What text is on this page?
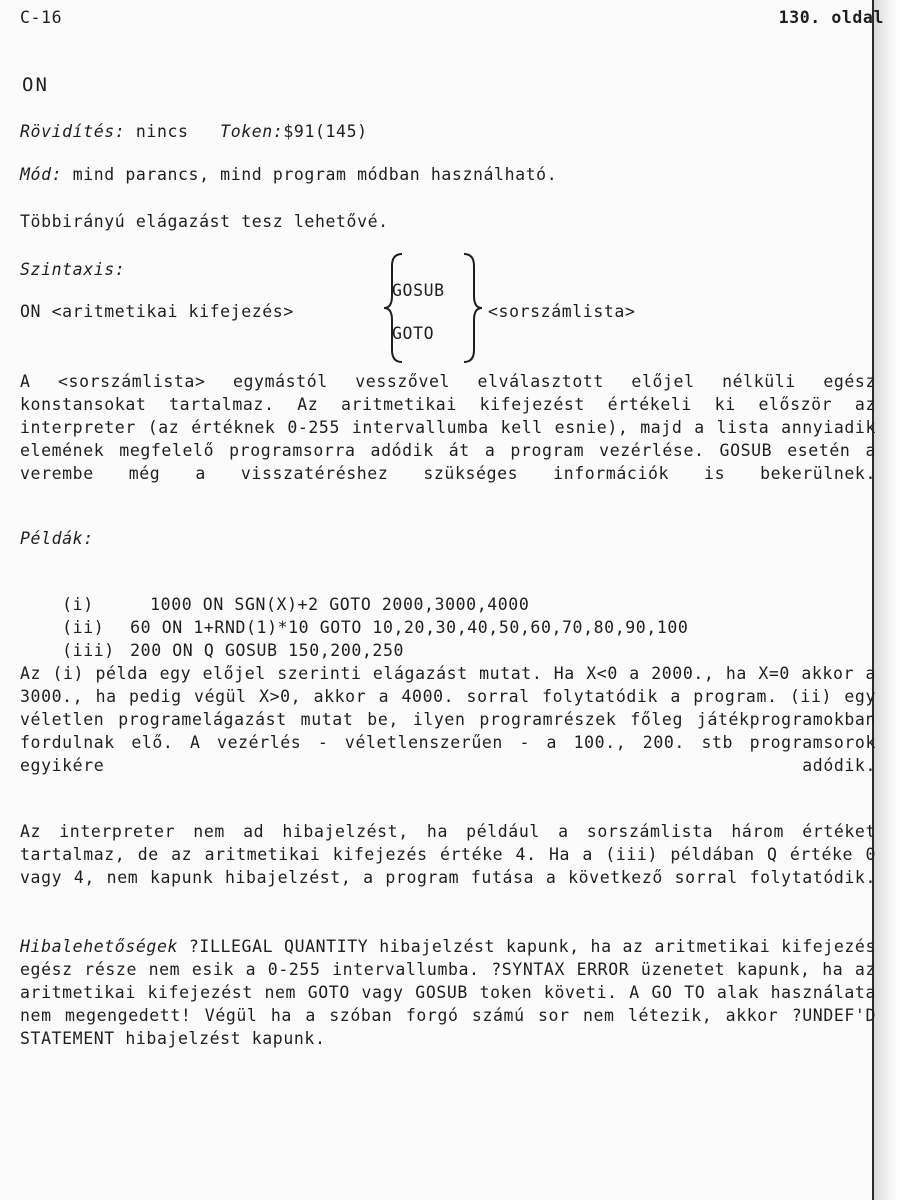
C-16	130. oldal
ON
Rövidítés: nincs Token:$91(145)
Mód: mind parancs, mind program módban használható.
Többirányú elágazást tesz lehetővé.
Szintaxis:
ON <aritmetikai kifejezés>
GOSUB
GOTO
<sorszámlista>

A <sorszámlista> egymástól vesszővel elválasztott előjel nélküli egész konstansokat tartalmaz. Az aritmetikai kifejezést értékeli ki először az interpreter (az értéknek 0-255 intervallumba kell esnie), majd a lista annyiadik elemének megfelelő programsorra adódik át a program vezérlése. GOSUB esetén a verembe még a visszatéréshez szükséges információk is bekerülnek.

Példák:

(i)	1000 ON SGN(X)+2 GOTO 2000,3000,4000

(ii) 60 ON 1+RND(1)*10 GOTO 10,20,30,40,50,60,70,80,90,100

(iii) 200 ON Q GOSUB 150,200,250

Az (i) példa egy előjel szerinti elágazást mutat. Ha X<0 a 2000., ha X=0 akkor a 3000., ha pedig végül X>0, akkor a 4000. sorral folytatódik a program. (ii) egy véletlen programelágazást mutat be, ilyen programrészek főleg játékprogramokban fordulnak elő. A vezérlés - véletlenszerűen - a 100., 200. stb programsorok egyikére adódik.

Az interpreter nem ad hibajelzést, ha például a sorszámlista három értéket tartalmaz, de az aritmetikai kifejezés értéke 4. Ha a (iii) példában Q értéke 0 vagy 4, nem kapunk hibajelzést, a program futása a következő sorral folytatódik.

Hibalehetőségek ?ILLEGAL QUANTITY hibajelzést kapunk, ha az aritmetikai kifejezés egész része nem esik a 0-255 intervallumba. ?SYNTAX ERROR üzenetet kapunk, ha az aritmetikai kifejezést nem GOTO vagy GOSUB token követi. A GO TO alak használata nem megengedett! Végül ha a szóban forgó számú sor nem létezik, akkor ?UNDEF'D STATEMENT hibajelzést kapunk.
